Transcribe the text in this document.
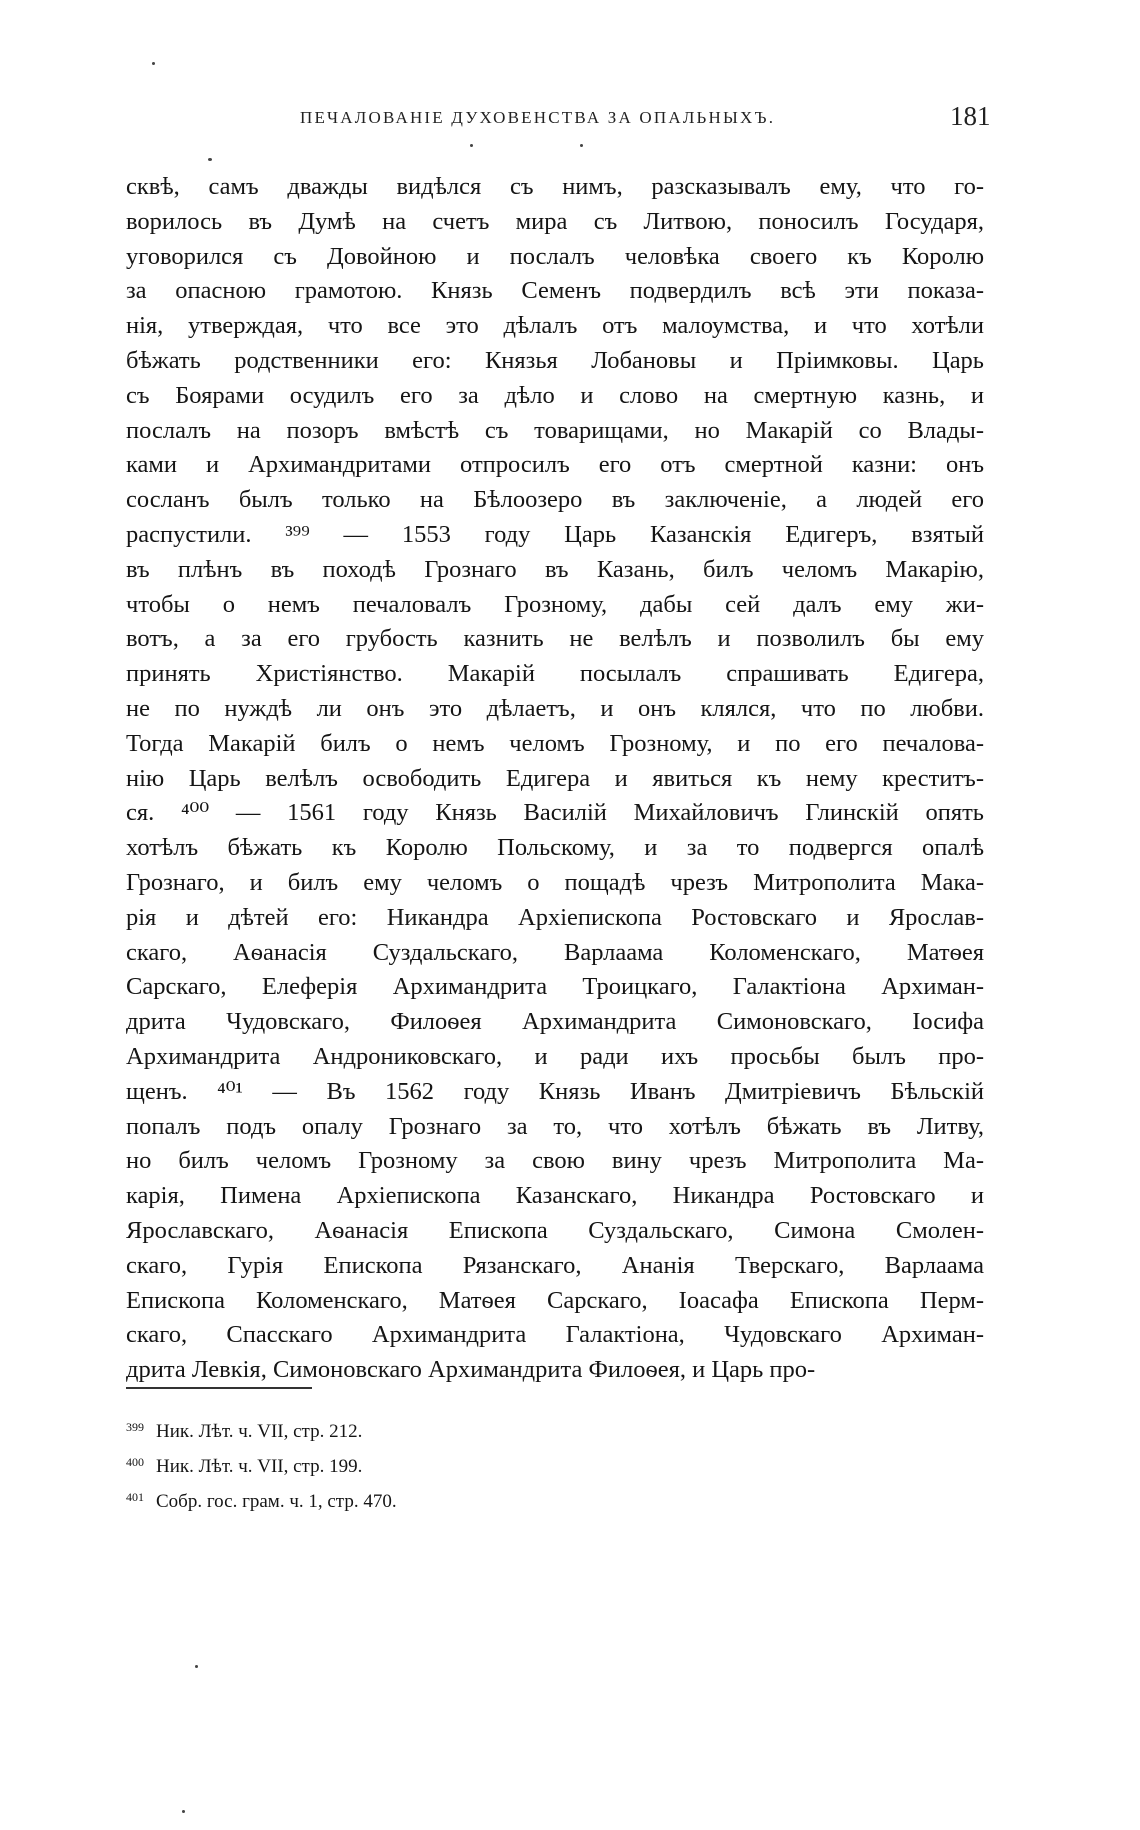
ПЕЧАЛОВАНІЕ ДУХОВЕНСТВА ЗА ОПАЛЬНЫХЪ.	181
сквѣ, самъ дважды видѣлся съ нимъ, разсказывалъ ему, что го-
ворилось въ Думѣ на счетъ мира съ Литвою, поносилъ Государя,
уговорился съ Довойною и послалъ человѣка своего къ Королю
за опасною грамотою. Князь Семенъ подвердилъ всѣ эти показа-
нія, утверждая, что все это дѣлалъ отъ малоумства, и что хотѣли
бѣжать родственники его: Князья Лобановы и Пріимковы. Царь
съ Боярами осудилъ его за дѣло и слово на смертную казнь, и
послалъ на позоръ вмѣстѣ съ товарищами, но Макарій со Влады-
ками и Архимандритами отпросилъ его отъ смертной казни: онъ
сосланъ былъ только на Бѣлоозеро въ заключеніе, а людей его
распустили. ³⁹⁹ — 1553 году Царь Казанскія Едигеръ, взятый
въ плѣнъ въ походѣ Грознаго въ Казань, билъ челомъ Макарію,
чтобы о немъ печаловалъ Грозному, дабы сей далъ ему жи-
вотъ, а за его грубость казнить не велѣлъ и позволилъ бы ему
принять Христіянство. Макарій посылалъ спрашивать Едигера,
не по нуждѣ ли онъ это дѣлаетъ, и онъ клялся, что по любви.
Тогда Макарій билъ о немъ челомъ Грозному, и по его печалова-
нію Царь велѣлъ освободить Едигера и явиться къ нему креститъ-
ся. ⁴⁰⁰ — 1561 году Князь Василій Михайловичъ Глинскій опять
хотѣлъ бѣжать къ Королю Польскому, и за то подвергся опалѣ
Грознаго, и билъ ему челомъ о пощадѣ чрезъ Митрополита Мака-
рія и дѣтей его: Никандра Архіепископа Ростовскаго и Ярослав-
скаго, Аѳанасія Суздальскаго, Варлаама Коломенскаго, Матѳея
Сарскаго, Елеферія Архимандрита Троицкаго, Галактіона Архиман-
дрита Чудовскаго, Филоѳея Архимандрита Симоновскаго, Іосифа
Архимандрита Андрониковскаго, и ради ихъ просьбы былъ про-
щенъ. ⁴⁰¹ — Въ 1562 году Князь Иванъ Дмитріевичъ Бѣльскій
попалъ подъ опалу Грознаго за то, что хотѣлъ бѣжать въ Литву,
но билъ челомъ Грозному за свою вину чрезъ Митрополита Ма-
карія, Пимена Архіепископа Казанскаго, Никандра Ростовскаго и
Ярославскаго, Аѳанасія Епископа Суздальскаго, Симона Смолен-
скаго, Гурія Епископа Рязанскаго, Ананія Тверскаго, Варлаама
Епископа Коломенскаго, Матѳея Сарскаго, Іоасафа Епископа Перм-
скаго, Спасскаго Архимандрита Галактіона, Чудовскаго Архиман-
дрита Левкія, Симоновскаго Архимандрита Филоѳея, и Царь про-
399 Ник. Лѣт. ч. VII, стр. 212.
400 Ник. Лѣт. ч. VII, стр. 199.
401 Собр. гос. грам. ч. 1, стр. 470.
